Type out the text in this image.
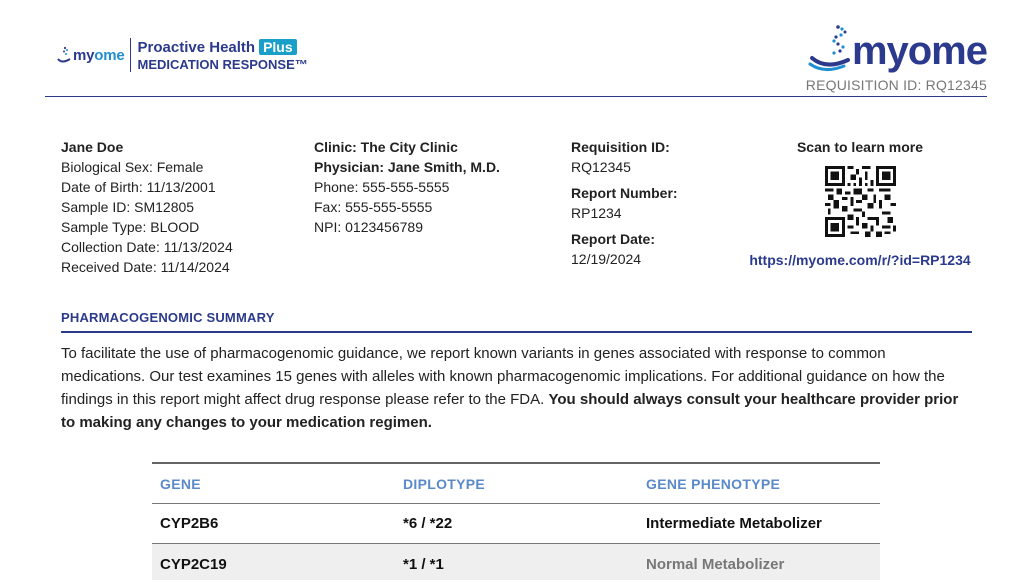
myome Proactive Health Plus
MEDICATION RESPONSE™	myome
REQUISITION ID: RQ12345
Jane Doe
Biological Sex: Female
Date of Birth: 11/13/2001
Sample ID: SM12805
Sample Type: BLOOD
Collection Date: 11/13/2024
Received Date: 11/14/2024
Clinic: The City Clinic
Physician: Jane Smith, M.D.
Phone: 555-555-5555
Fax: 555-555-5555
NPI: 0123456789
Requisition ID:
RQ12345
Report Number:
RP1234
Report Date:
12/19/2024
Scan to learn more
https://myome.com/r/?id=RP1234
PHARMACOGENOMIC SUMMARY
To facilitate the use of pharmacogenomic guidance, we report known variants in genes associated with response to common medications. Our test examines 15 genes with alleles with known pharmacogenomic implications. For additional guidance on how the findings in this report might affect drug response please refer to the FDA. You should always consult your healthcare provider prior to making any changes to your medication regimen.
GENE	DIPLOTYPE	GENE PHENOTYPE
CYP2B6	*6 / *22	Intermediate Metabolizer
CYP2C19	*1 / *1	Normal Metabolizer
